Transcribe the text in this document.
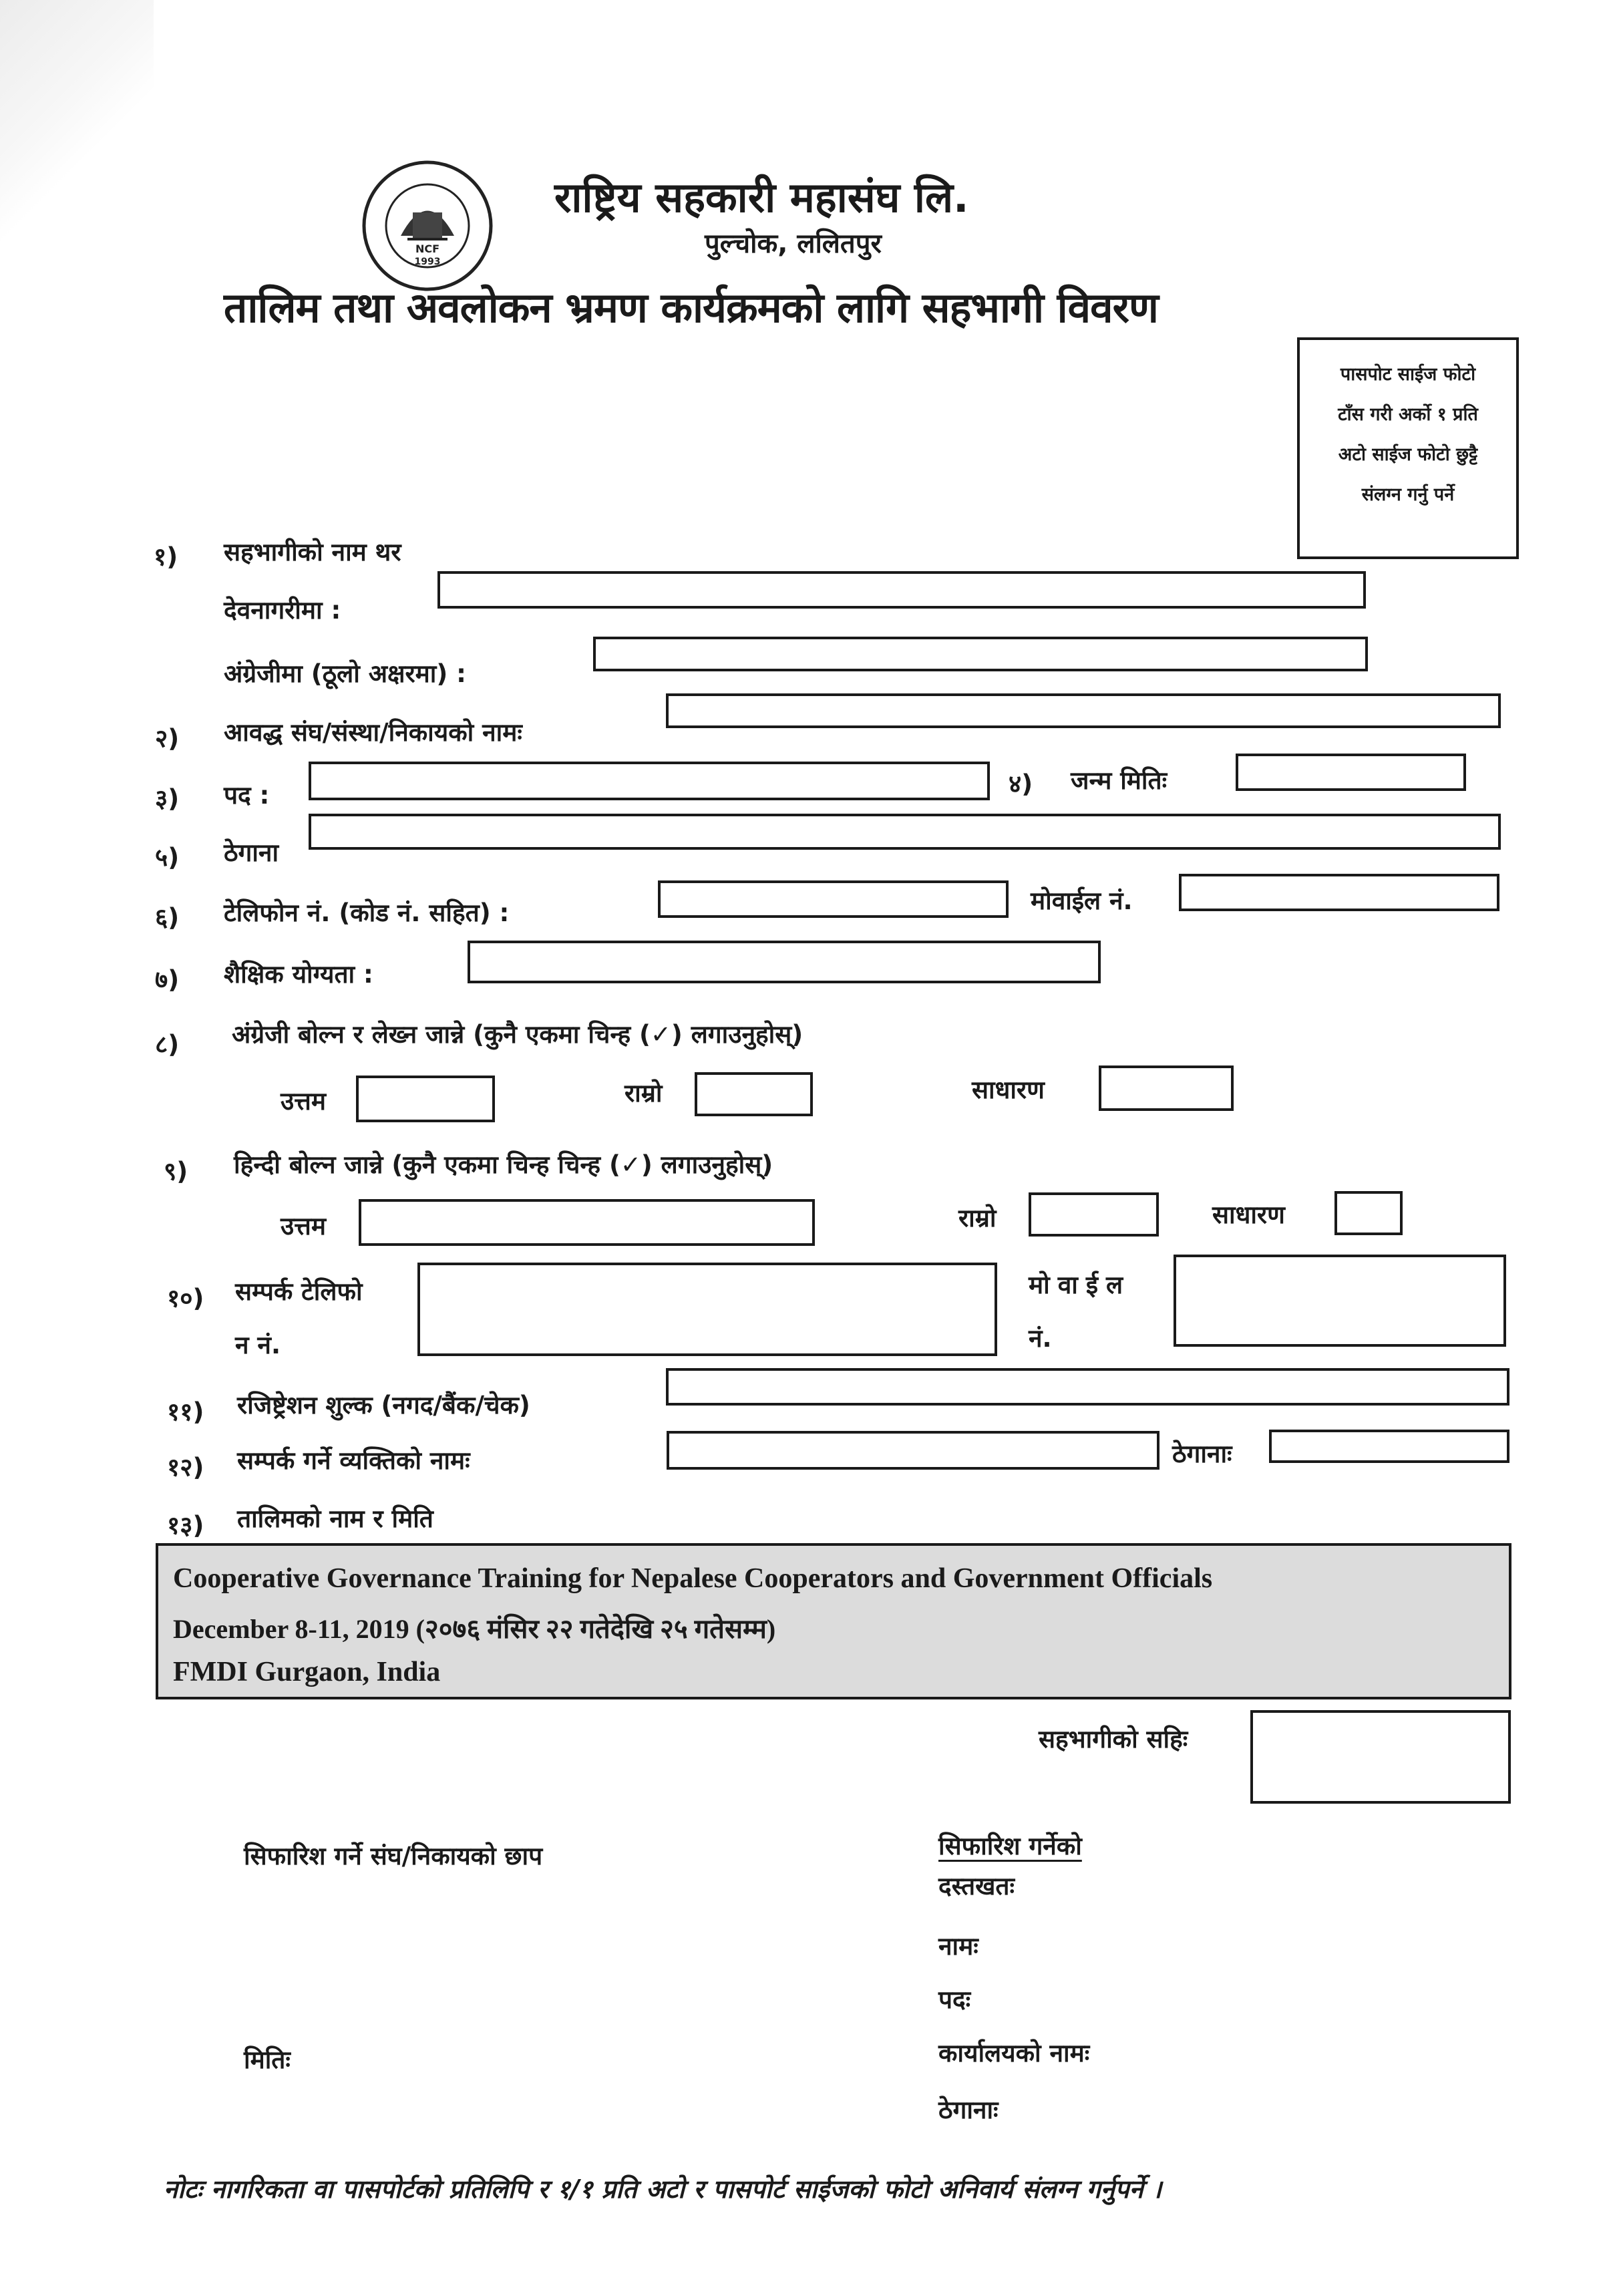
NCF
1993
राष्ट्रिय सहकारी महासंघ लि.
पुल्चोक, ललितपुर
तालिम तथा अवलोकन भ्रमण कार्यक्रमको लागि सहभागी विवरण
पासपोट साईज फोटो
टाँस गरी अर्को १ प्रति
अटो साईज फोटो छुट्टै
संलग्न गर्नु पर्ने
१) सहभागीको नाम थर
देवनागरीमा :
अंग्रेजीमा (ठूलो अक्षरमा) :
२) आवद्ध संघ/संस्था/निकायको नामः
३) पद :	४) जन्म मितिः
५) ठेगाना
६) टेलिफोन नं. (कोड नं. सहित) :	मोवाईल नं.
७) शैक्षिक योग्यता :
८) अंग्रेजी बोल्न र लेख्न जान्ने (कुनै एकमा चिन्ह (✓) लगाउनुहोस्)
उत्तम	राम्रो	साधारण
९) हिन्दी बोल्न जान्ने (कुनै एकमा चिन्ह चिन्ह (✓) लगाउनुहोस्)
उत्तम	राम्रो	साधारण
१०) सम्पर्क टेलिफो
न नं.
मोवाईल
नं.
११) रजिष्ट्रेशन शुल्क (नगद/बैंक/चेक)
१२) सम्पर्क गर्ने व्यक्तिको नामः	ठेगानाः
१३) तालिमको नाम र मिति
Cooperative Governance Training for Nepalese Cooperators and Government Officials
December 8-11, 2019 (२०७६ मंसिर २२ गतेदेखि २५ गतेसम्म)
FMDI Gurgaon, India
सहभागीको सहिः
सिफारिश गर्ने संघ/निकायको छाप
मितिः
सिफारिश गर्नेको
दस्तखतः
नामः
पदः
कार्यालयको नामः
ठेगानाः
नोटः नागरिकता वा पासपोर्टको प्रतिलिपि र १/१ प्रति अटो र पासपोर्ट साईजको फोटो अनिवार्य संलग्न गर्नुपर्ने ।
